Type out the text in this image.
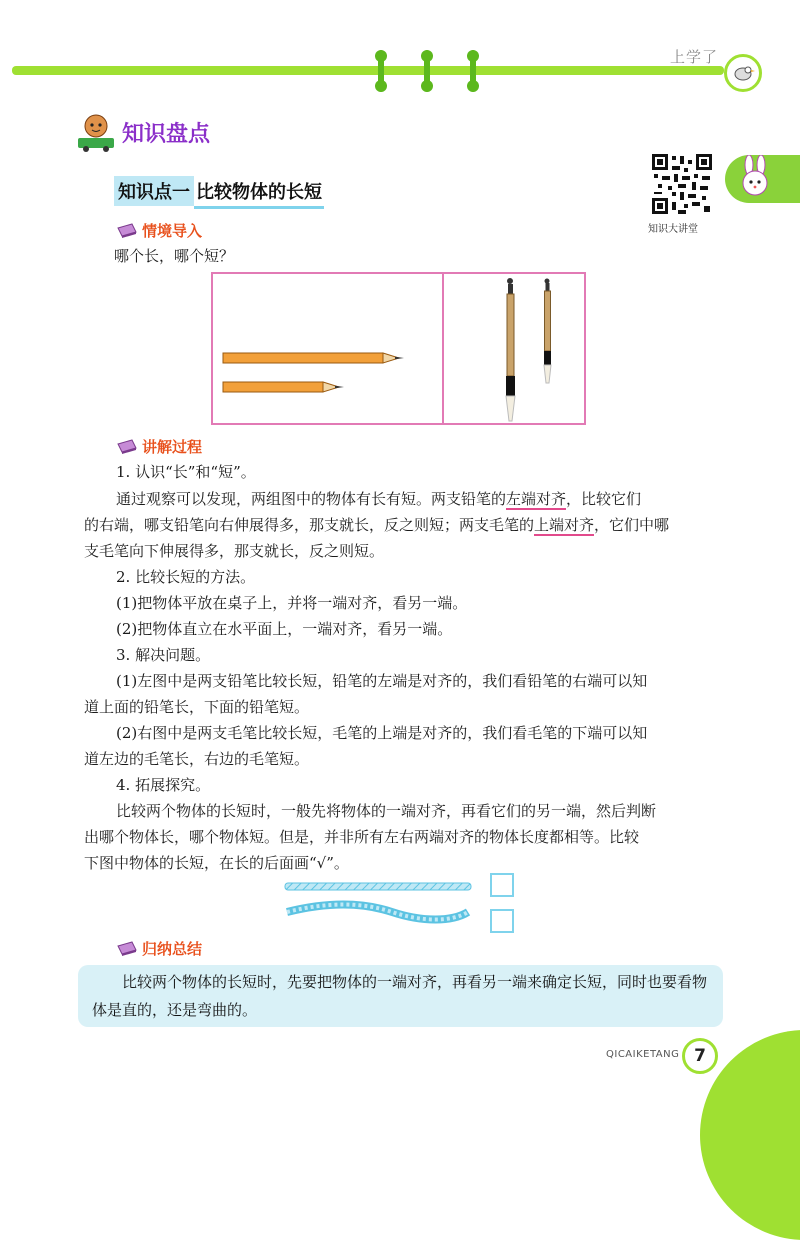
上学了
知识盘点
知识点一 比较物体的长短
知识大讲堂
情境导入
哪个长，哪个短？
讲解过程
1. 认识“长”和“短”。
通过观察可以发现，两组图中的物体有长有短。两支铅笔的左端对齐，比较它们
的右端，哪支铅笔向右伸展得多，那支就长，反之则短；两支毛笔的上端对齐，它们中哪
支毛笔向下伸展得多，那支就长，反之则短。
2. 比较长短的方法。
(1)把物体平放在桌子上，并将一端对齐，看另一端。
(2)把物体直立在水平面上，一端对齐，看另一端。
3. 解决问题。
(1)左图中是两支铅笔比较长短，铅笔的左端是对齐的，我们看铅笔的右端可以知
道上面的铅笔长，下面的铅笔短。
(2)右图中是两支毛笔比较长短，毛笔的上端是对齐的，我们看毛笔的下端可以知
道左边的毛笔长，右边的毛笔短。
4. 拓展探究。
比较两个物体的长短时，一般先将物体的一端对齐，再看它们的另一端，然后判断
出哪个物体长，哪个物体短。但是，并非所有左右两端对齐的物体长度都相等。比较
下图中物体的长短，在长的后面画“√”。
归纳总结
比较两个物体的长短时，先要把物体的一端对齐，再看另一端来确定长短，同时也要看物体是直的，还是弯曲的。
QICAIKETANG 7
